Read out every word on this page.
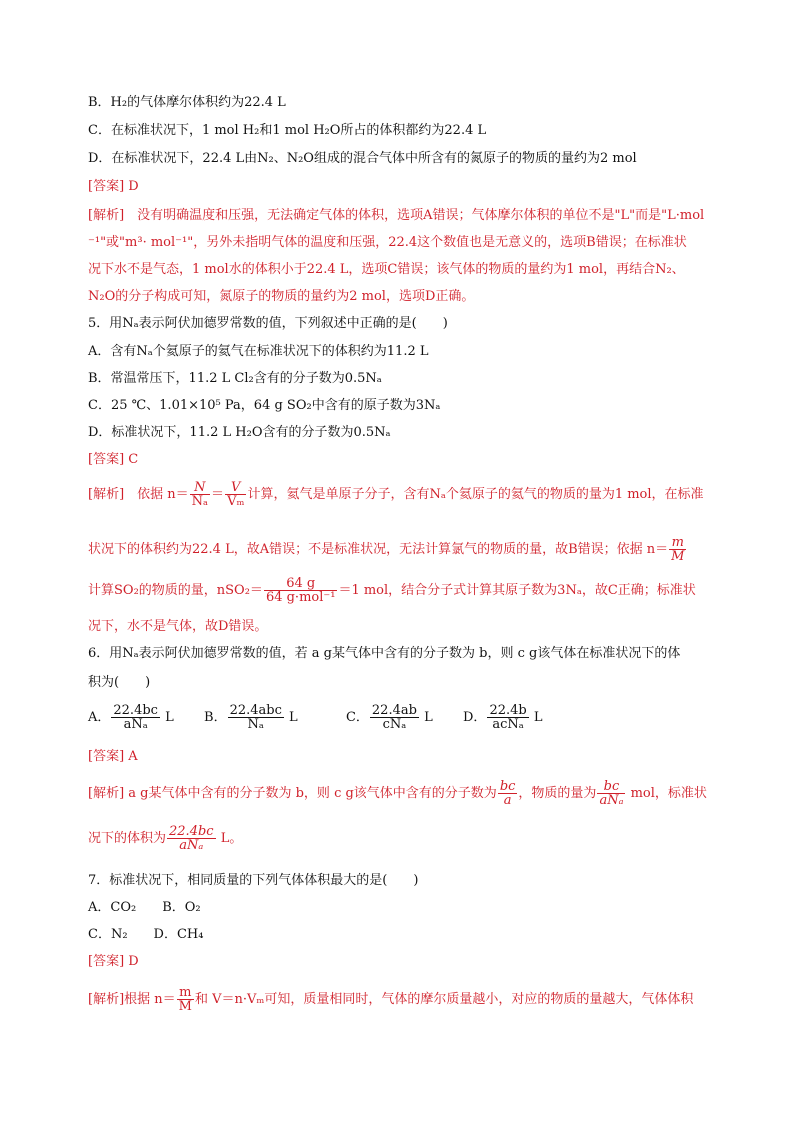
B．H₂的气体摩尔体积约为22.4 L
C．在标准状况下，1 mol H₂和1 mol H₂O所占的体积都约为22.4 L
D．在标准状况下，22.4 L由N₂、N₂O组成的混合气体中所含有的氮原子的物质的量约为2 mol
[答案] D
[解析]　没有明确温度和压强，无法确定气体的体积，选项A错误；气体摩尔体积的单位不是"L"而是"L·mol
⁻¹"或"m³· mol⁻¹"，另外未指明气体的温度和压强，22.4这个数值也是无意义的，选项B错误；在标准状
况下水不是气态，1 mol水的体积小于22.4 L，选项C错误；该气体的物质的量约为1 mol，再结合N₂、
N₂O的分子构成可知，氮原子的物质的量约为2 mol，选项D正确。
5．用Nₐ表示阿伏加德罗常数的值，下列叙述中正确的是(　　)
A．含有Nₐ个氦原子的氦气在标准状况下的体积约为11.2 L
B．常温常压下，11.2 L Cl₂含有的分子数为0.5Nₐ
C．25 ℃、1.01×10⁵ Pa，64 g SO₂中含有的原子数为3Nₐ
D．标准状况下，11.2 L H₂O含有的分子数为0.5Nₐ
[答案] C
[解析]　依据 $n= \frac{N}{\text{Nₐ}} = \frac{V}{\text{Vₘ}}$ 计算，氦气是单原子分子，含有Nₐ个氦原子的氦气的物质的量为1 mol，在标准
状况下的体积约为22.4 L，故A错误；不是标准状况，无法计算氯气的物质的量，故B错误；依据 $n= \frac{m}{M}$
计算SO₂的物质的量，nSO₂＝	64 g
64 g·mol⁻¹ ＝1 mol，结合分子式计算其原子数为3Nₐ，故C正确；标准状
况下，水不是气体，故D错误。
6．用Nₐ表示阿伏加德罗常数的值，若 a g某气体中含有的分子数为 b，则 c g该气体在标准状况下的体
积为(　　)
A． 22.4bc
aNₐ	L B． 22.4abc
Nₐ	L	C． 22.4ab
cNₐ	L D． 22.4b
acNₐ L
[答案] A
[解析] a g某气体中含有的分子数为 b，则 c g该气体中含有的分子数为 $\frac{bc}{a}$ ，物质的量为 bc
aNₐ mol，标准状
况下的体积为 22.4bc
aNₐ	L。
7．标准状况下，相同质量的下列气体体积最大的是(　　)
A．CO₂　　B．O₂
C．N₂　　D．CH₄
[答案] D
[解析]根据 $n= \frac{m}{M}$ 和 V＝n·Vₘ可知，质量相同时，气体的摩尔质量越小，对应的物质的量越大，气体体积
